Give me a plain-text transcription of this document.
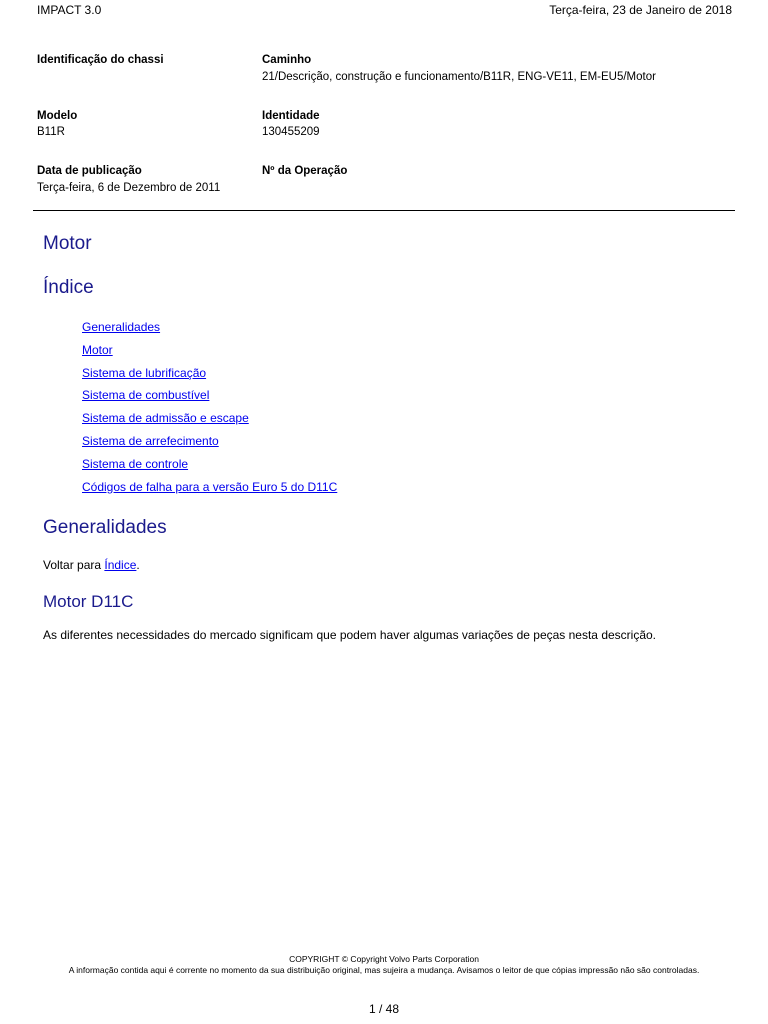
IMPACT 3.0	Terça-feira, 23 de Janeiro de 2018
Identificação do chassi	Caminho
21/Descrição, construção e funcionamento/B11R, ENG-VE11, EM-EU5/Motor
Modelo
B11R
Identidade
130455209
Data de publicação
Terça-feira, 6 de Dezembro de 2011
Nº da Operação
Motor
Índice
Generalidades
Motor
Sistema de lubrificação
Sistema de combustível
Sistema de admissão e escape
Sistema de arrefecimento
Sistema de controle
Códigos de falha para a versão Euro 5 do D11C
Generalidades
Voltar para Índice.
Motor D11C
As diferentes necessidades do mercado significam que podem haver algumas variações de peças nesta descrição.
COPYRIGHT © Copyright Volvo Parts Corporation
A informação contida aqui é corrente no momento da sua distribuição original, mas sujeira a mudança. Avisamos o leitor de que cópias impressão não são controladas.
1 / 48
